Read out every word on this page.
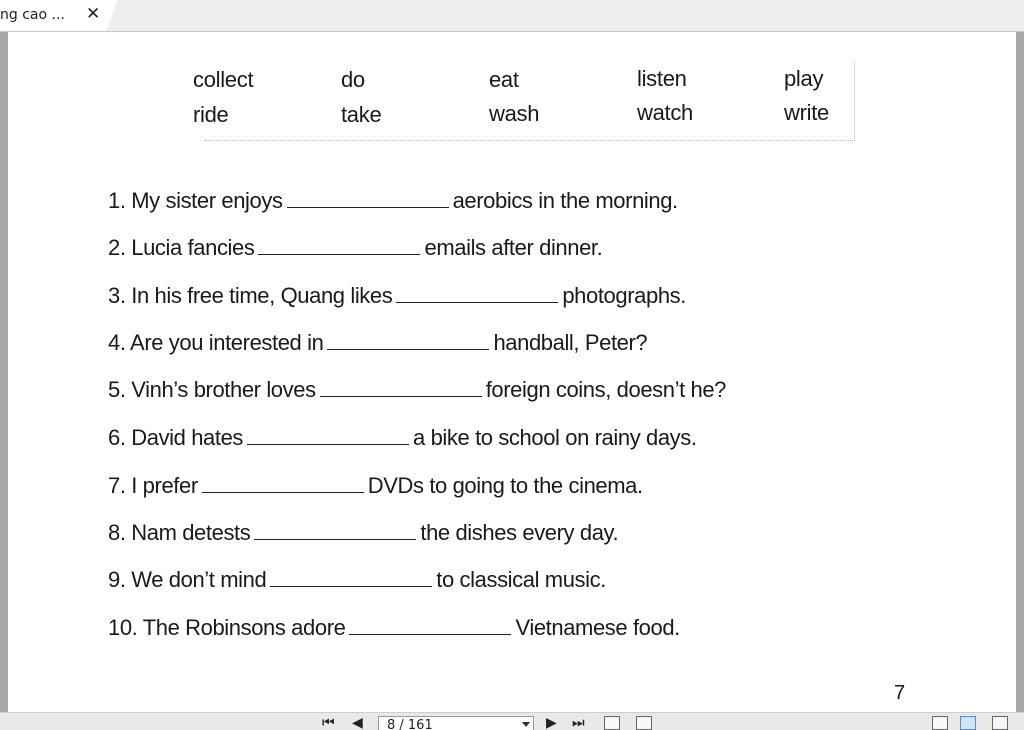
ng cao ... ✕
collect	do	eat	listen	play
ride	take	wash	watch	write
1. My sister enjoys	aerobics in the morning.
2. Lucia fancies	emails after dinner.
3. In his free time, Quang likes	photographs.
4. Are you interested in	handball, Peter?
5. Vinh’s brother loves	foreign coins, doesn’t he?
6. David hates	a bike to school on rainy days.
7. I prefer	DVDs to going to the cinema.
8. Nam detests	the dishes every day.
9. We don’t mind	to classical music.
10. The Robinsons adore	Vietnamese food.
7
⏮ ◀	8 / 161	▶ ⏭
